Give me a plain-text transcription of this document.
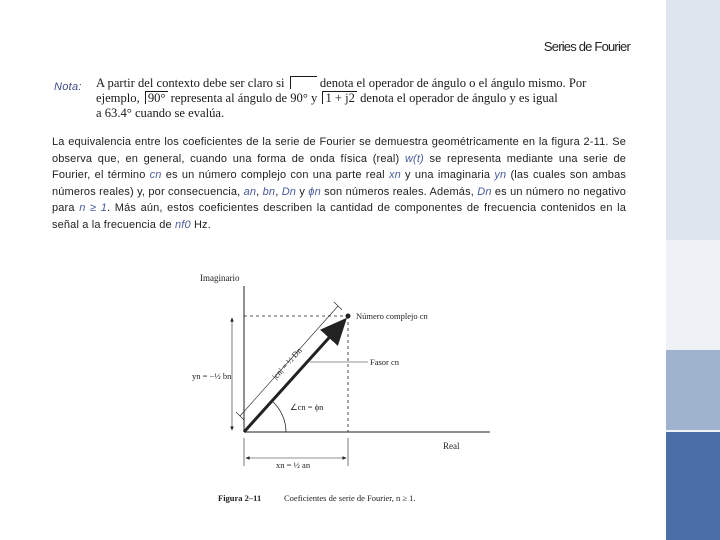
Series de Fourier
Nota: A partir del contexto debe ser claro si         denota el operador de ángulo o el ángulo mismo. Por
ejemplo, 90° representa al ángulo de 90° y 1 + j2 denota el operador de ángulo y es igual
a 63.4° cuando se evalúa.
La equivalencia entre los coeficientes de la serie de Fourier se demuestra geométricamente en la figura 2-11. Se observa que, en general, cuando una forma de onda física (real) w(t) se representa mediante una serie de Fourier, el término cn es un número complejo con una parte real xn y una imaginaria yn (las cuales son ambas números reales) y, por consecuencia, an, bn, Dn y ϕn son números reales. Además, Dn es un número no negativo para n ≥ 1. Más aún, estos coeficientes describen la cantidad de componentes de frecuencia contenidos en la señal a la frecuencia de nf0 Hz.
Imaginario
Real
Número complejo cn
Fasor cn
|cn| = ½ Dn
∠cn = ϕn
yn = −½ bn
xn = ½ an
Figura 2–11	Coeficientes de serie de Fourier, n ≥ 1.
